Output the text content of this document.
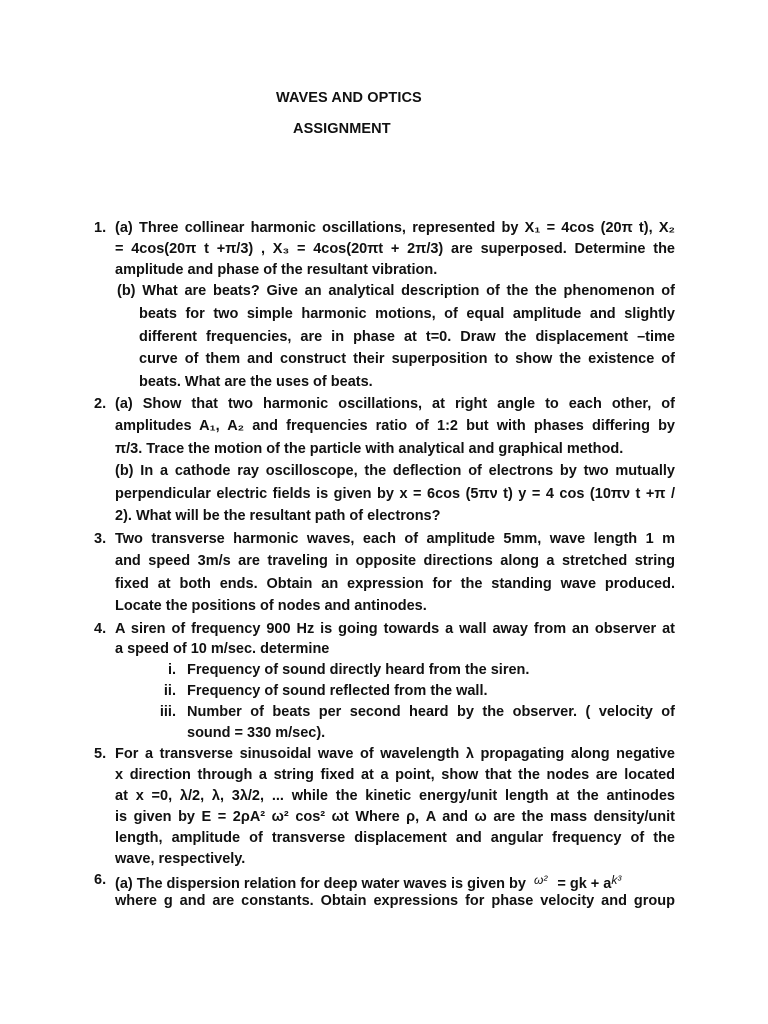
WAVES AND OPTICS
ASSIGNMENT
1. (a) Three collinear harmonic oscillations, represented by X₁ = 4cos (20π t), X₂
= 4cos(20π t +π/3) , X₃ = 4cos(20πt + 2π/3) are superposed. Determine the
amplitude and phase of the resultant vibration.
(b) What are beats? Give an analytical description of the the phenomenon of
beats for two simple harmonic motions, of equal amplitude and slightly
different frequencies, are in phase at t=0. Draw the displacement –time
curve of them and construct their superposition to show the existence of
beats. What are the uses of beats.
2. (a) Show that two harmonic oscillations, at right angle to each other, of
amplitudes A₁, A₂ and frequencies ratio of 1:2 but with phases differing by
π/3. Trace the motion of the particle with analytical and graphical method.
(b) In a cathode ray oscilloscope, the deflection of electrons by two mutually
perpendicular electric fields is given by x = 6cos (5πν t) y = 4 cos (10πν t +π /
2). What will be the resultant path of electrons?
3. Two transverse harmonic waves, each of amplitude 5mm, wave length 1 m
and speed 3m/s are traveling in opposite directions along a stretched string
fixed at both ends. Obtain an expression for the standing wave produced.
Locate the positions of nodes and antinodes.
4. A siren of frequency 900 Hz is going towards a wall away from an observer at
a speed of 10 m/sec. determine
i. Frequency of sound directly heard from the siren.
ii. Frequency of sound reflected from the wall.
iii. Number of beats per second heard by the observer. ( velocity of
sound = 330 m/sec).
5. For a transverse sinusoidal wave of wavelength λ propagating along negative
x direction through a string fixed at a point, show that the nodes are located
at x =0, λ/2, λ, 3λ/2, ... while the kinetic energy/unit length at the antinodes
is given by E = 2ρA² ω² cos² ωt Where ρ, A and ω are the mass density/unit
length, amplitude of transverse displacement and angular frequency of the
wave, respectively.
6. (a) The dispersion relation for deep water waves is given by $^{\omega^2}$ = gk + $a^{k^3}$
where g and are constants. Obtain expressions for phase velocity and group
